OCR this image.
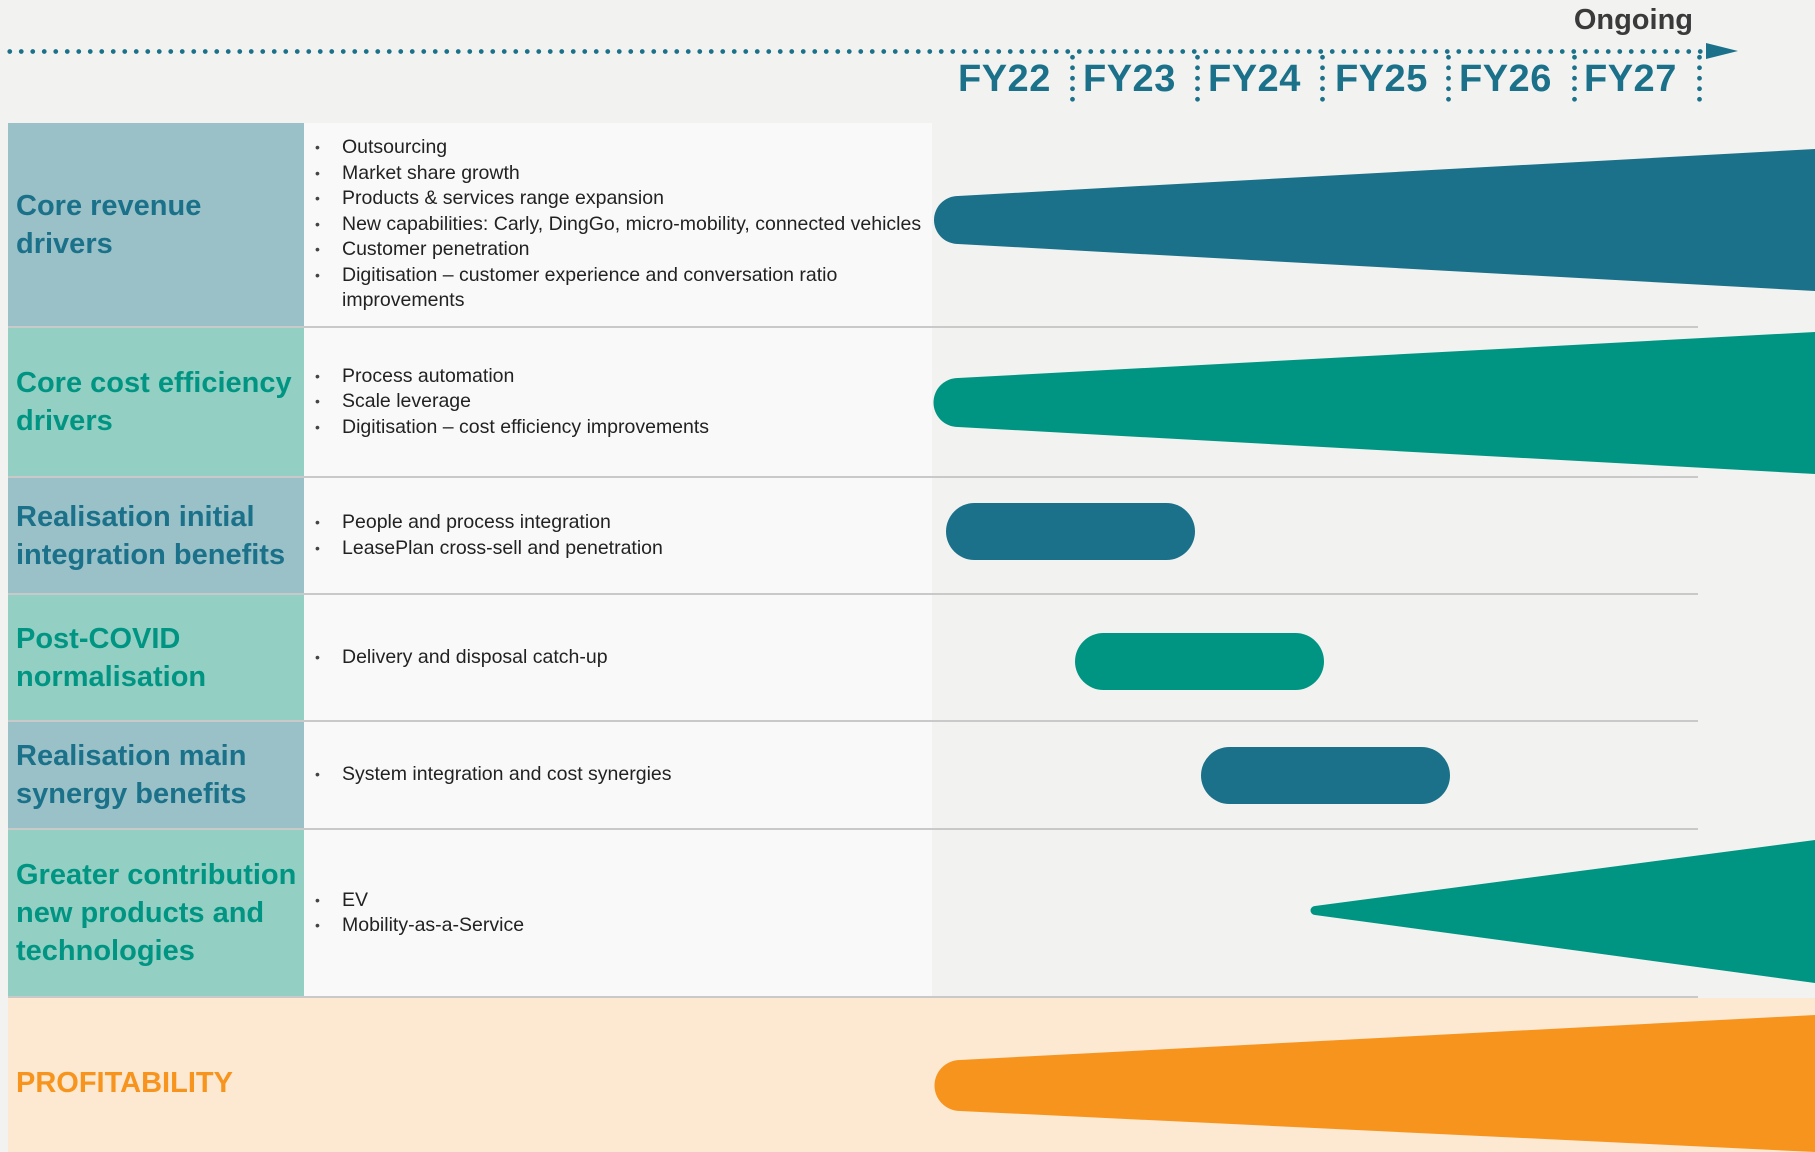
Ongoing
FY22 FY23 FY24 FY25 FY26 FY27
Core revenue drivers
• Outsourcing
• Market share growth
• Products & services range expansion
• New capabilities: Carly, DingGo, micro-mobility, connected vehicles
• Customer penetration
• Digitisation – customer experience and conversation ratio improvements
Core cost efficiency drivers
• Process automation
• Scale leverage
• Digitisation – cost efficiency improvements
Realisation initial integration benefits
• People and process integration
• LeasePlan cross-sell and penetration
Post-COVID normalisation
• Delivery and disposal catch-up
Realisation main synergy benefits
• System integration and cost synergies
Greater contribution new products and technologies
• EV
• Mobility-as-a-Service
PROFITABILITY
